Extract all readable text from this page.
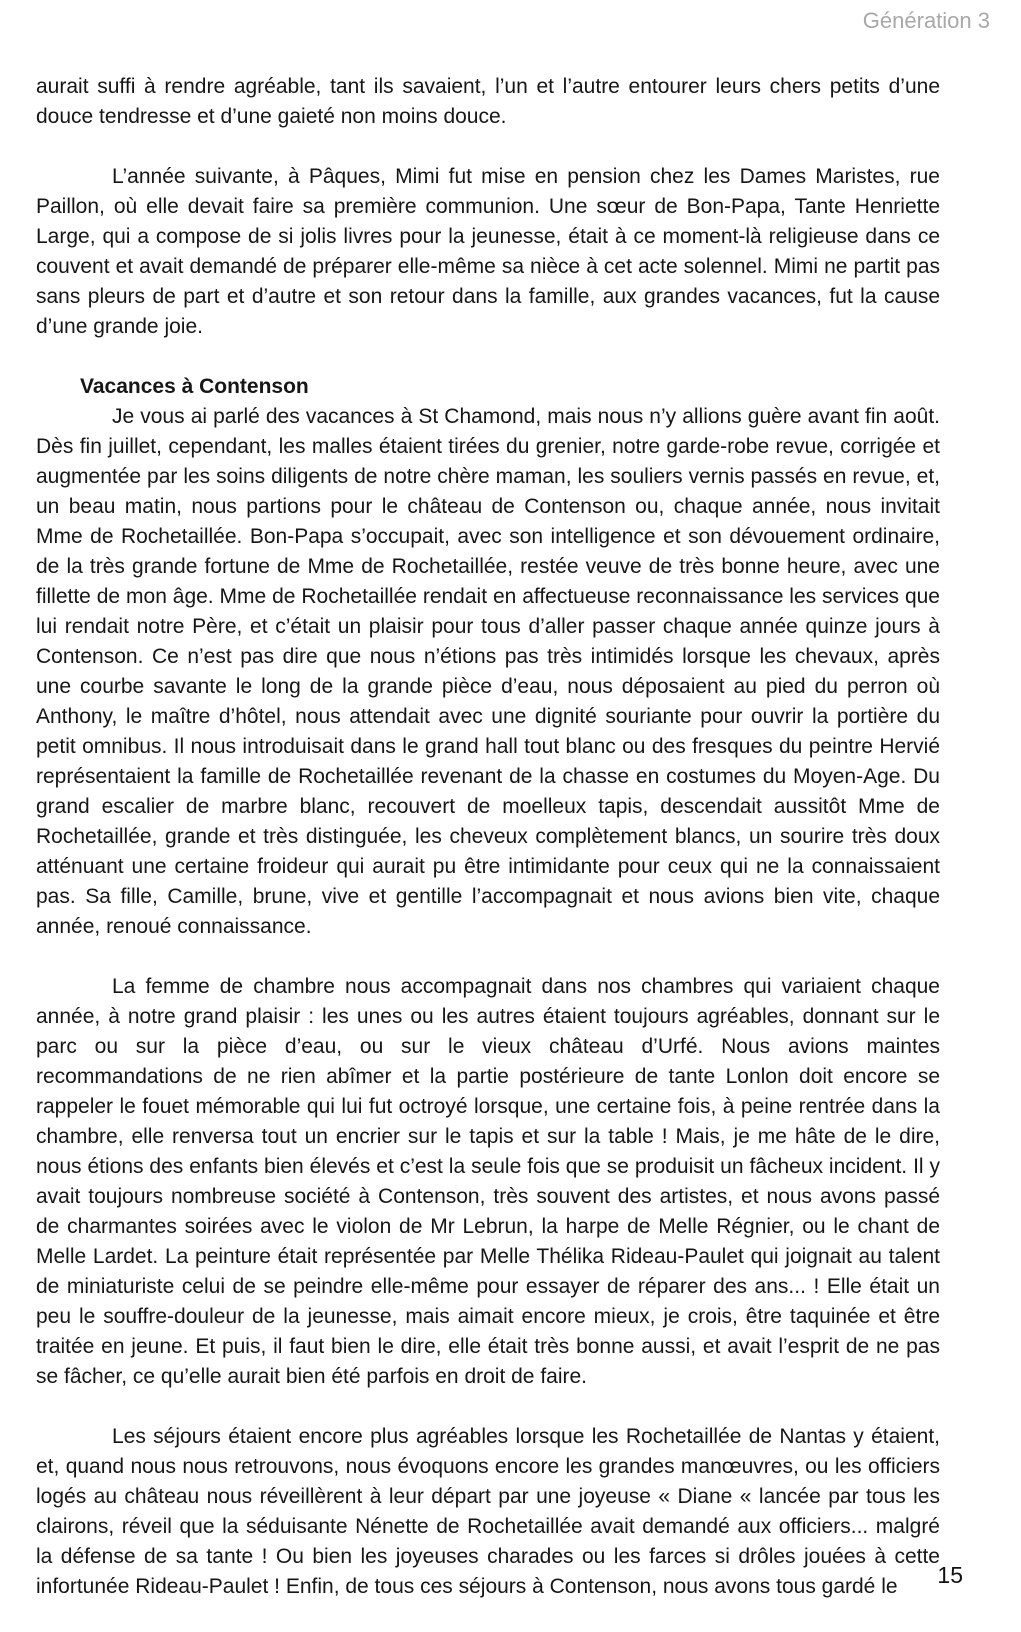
Génération 3

aurait suffi à rendre agréable, tant ils savaient, l’un et l’autre entourer leurs chers petits d’une douce tendresse et d’une gaieté non moins douce.

L’année suivante, à Pâques, Mimi fut mise en pension chez les Dames Maristes, rue Paillon, où elle devait faire sa première communion. Une sœur de Bon-Papa, Tante Henriette Large, qui a compose de si jolis livres pour la jeunesse, était à ce moment-là religieuse dans ce couvent et avait demandé de préparer elle-même sa nièce à cet acte solennel. Mimi ne partit pas sans pleurs de part et d’autre et son retour dans la famille, aux grandes vacances, fut la cause d’une grande joie.

Vacances à Contenson

Je vous ai parlé des vacances à St Chamond, mais nous n’y allions guère avant fin août. Dès fin juillet, cependant, les malles étaient tirées du grenier, notre garde-robe revue, corrigée et augmentée par les soins diligents de notre chère maman, les souliers vernis passés en revue, et, un beau matin, nous partions pour le château de Contenson ou, chaque année, nous invitait Mme de Rochetaillée. Bon-Papa s’occupait, avec son intelligence et son dévouement ordinaire, de la très grande fortune de Mme de Rochetaillée, restée veuve de très bonne heure, avec une fillette de mon âge. Mme de Rochetaillée rendait en affectueuse reconnaissance les services que lui rendait notre Père, et c’était un plaisir pour tous d’aller passer chaque année quinze jours à Contenson. Ce n’est pas dire que nous n’étions pas très intimidés lorsque les chevaux, après une courbe savante le long de la grande pièce d’eau, nous déposaient au pied du perron où Anthony, le maître d’hôtel, nous attendait avec une dignité souriante pour ouvrir la portière du petit omnibus. Il nous introduisait dans le grand hall tout blanc ou des fresques du peintre Hervié représentaient la famille de Rochetaillée revenant de la chasse en costumes du Moyen-Age. Du grand escalier de marbre blanc, recouvert de moelleux tapis, descendait aussitôt Mme de Rochetaillée, grande et très distinguée, les cheveux complètement blancs, un sourire très doux atténuant une certaine froideur qui aurait pu être intimidante pour ceux qui ne la connaissaient pas. Sa fille, Camille, brune, vive et gentille l’accompagnait et nous avions bien vite, chaque année, renoué connaissance.

La femme de chambre nous accompagnait dans nos chambres qui variaient chaque année, à notre grand plaisir : les unes ou les autres étaient toujours agréables, donnant sur le parc ou sur la pièce d’eau, ou sur le vieux château d’Urfé. Nous avions maintes recommandations de ne rien abîmer et la partie postérieure de tante Lonlon doit encore se rappeler le fouet mémorable qui lui fut octroyé lorsque, une certaine fois, à peine rentrée dans la chambre, elle renversa tout un encrier sur le tapis et sur la table ! Mais, je me hâte de le dire, nous étions des enfants bien élevés et c’est la seule fois que se produisit un fâcheux incident. Il y avait toujours nombreuse société à Contenson, très souvent des artistes, et nous avons passé de charmantes soirées avec le violon de Mr Lebrun, la harpe de Melle Régnier, ou le chant de Melle Lardet. La peinture était représentée par Melle Thélika Rideau-Paulet qui joignait au talent de miniaturiste celui de se peindre elle-même pour essayer de réparer des ans... ! Elle était un peu le souffre-douleur de la jeunesse, mais aimait encore mieux, je crois, être taquinée et être traitée en jeune. Et puis, il faut bien le dire, elle était très bonne aussi, et avait l’esprit de ne pas se fâcher, ce qu’elle aurait bien été parfois en droit de faire.

Les séjours étaient encore plus agréables lorsque les Rochetaillée de Nantas y étaient, et, quand nous nous retrouvons, nous évoquons encore les grandes manœuvres, ou les officiers logés au château nous réveillèrent à leur départ par une joyeuse « Diane « lancée par tous les clairons, réveil que la séduisante Nénette de Rochetaillée avait demandé aux officiers... malgré la défense de sa tante ! Ou bien les joyeuses charades ou les farces si drôles jouées à cette infortunée Rideau-Paulet ! Enfin, de tous ces séjours à Contenson, nous avons tous gardé le	15
